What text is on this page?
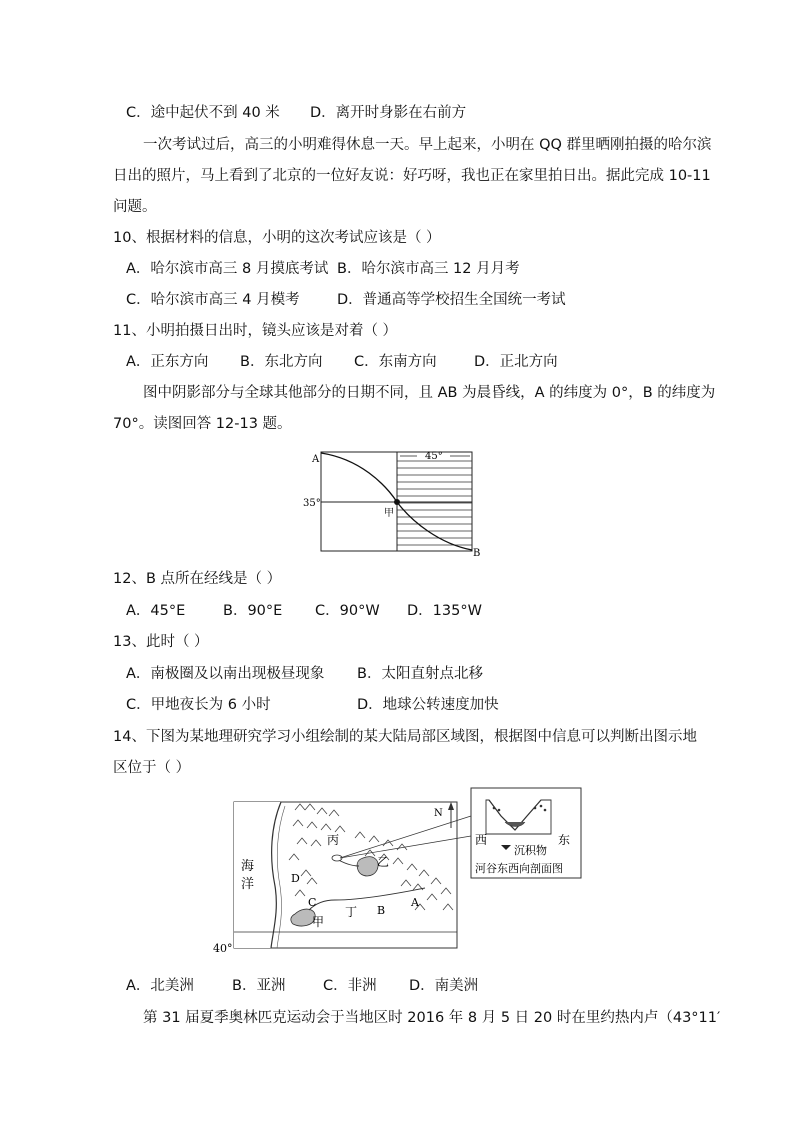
C．途中起伏不到 40 米 D．离开时身影在右前方
一次考试过后，高三的小明难得休息一天。早上起来，小明在 QQ 群里晒刚拍摄的哈尔滨
日出的照片，马上看到了北京的一位好友说：好巧呀，我也正在家里拍日出。据此完成 10-11
问题。
10、根据材料的信息，小明的这次考试应该是（ ）
A．哈尔滨市高三 8 月摸底考试 B．哈尔滨市高三 12 月月考
C．哈尔滨市高三 4 月模考	D．普通高等学校招生全国统一考试
11、小明拍摄日出时，镜头应该是对着（ ）
A．正东方向 B．东北方向 C．东南方向	D．正北方向
图中阴影部分与全球其他部分的日期不同，且 AB 为晨昏线，A 的纬度为 0°，B 的纬度为
70°。读图回答 12-13 题。
A
B
35°
45°
甲
12、B 点所在经线是（ ）
A．45°E	B．90°E C．90°W D．135°W
13、此时（ ）
A．南极圈及以南出现极昼现象 B．太阳直射点北移
C．甲地夜长为 6 小时	D．地球公转速度加快
14、下图为某地理研究学习小组绘制的某大陆局部区域图，根据图中信息可以判断出图示地
区位于（ ）
海
洋
N
40°
丙
乙
甲
丁
A
B
C
D
西	东
沉积物
河谷东西向剖面图
A．北美洲	B．亚洲	C．非洲 D．南美洲
第 31 届夏季奥林匹克运动会于当地区时 2016 年 8 月 5 日 20 时在里约热内卢（43°11′
